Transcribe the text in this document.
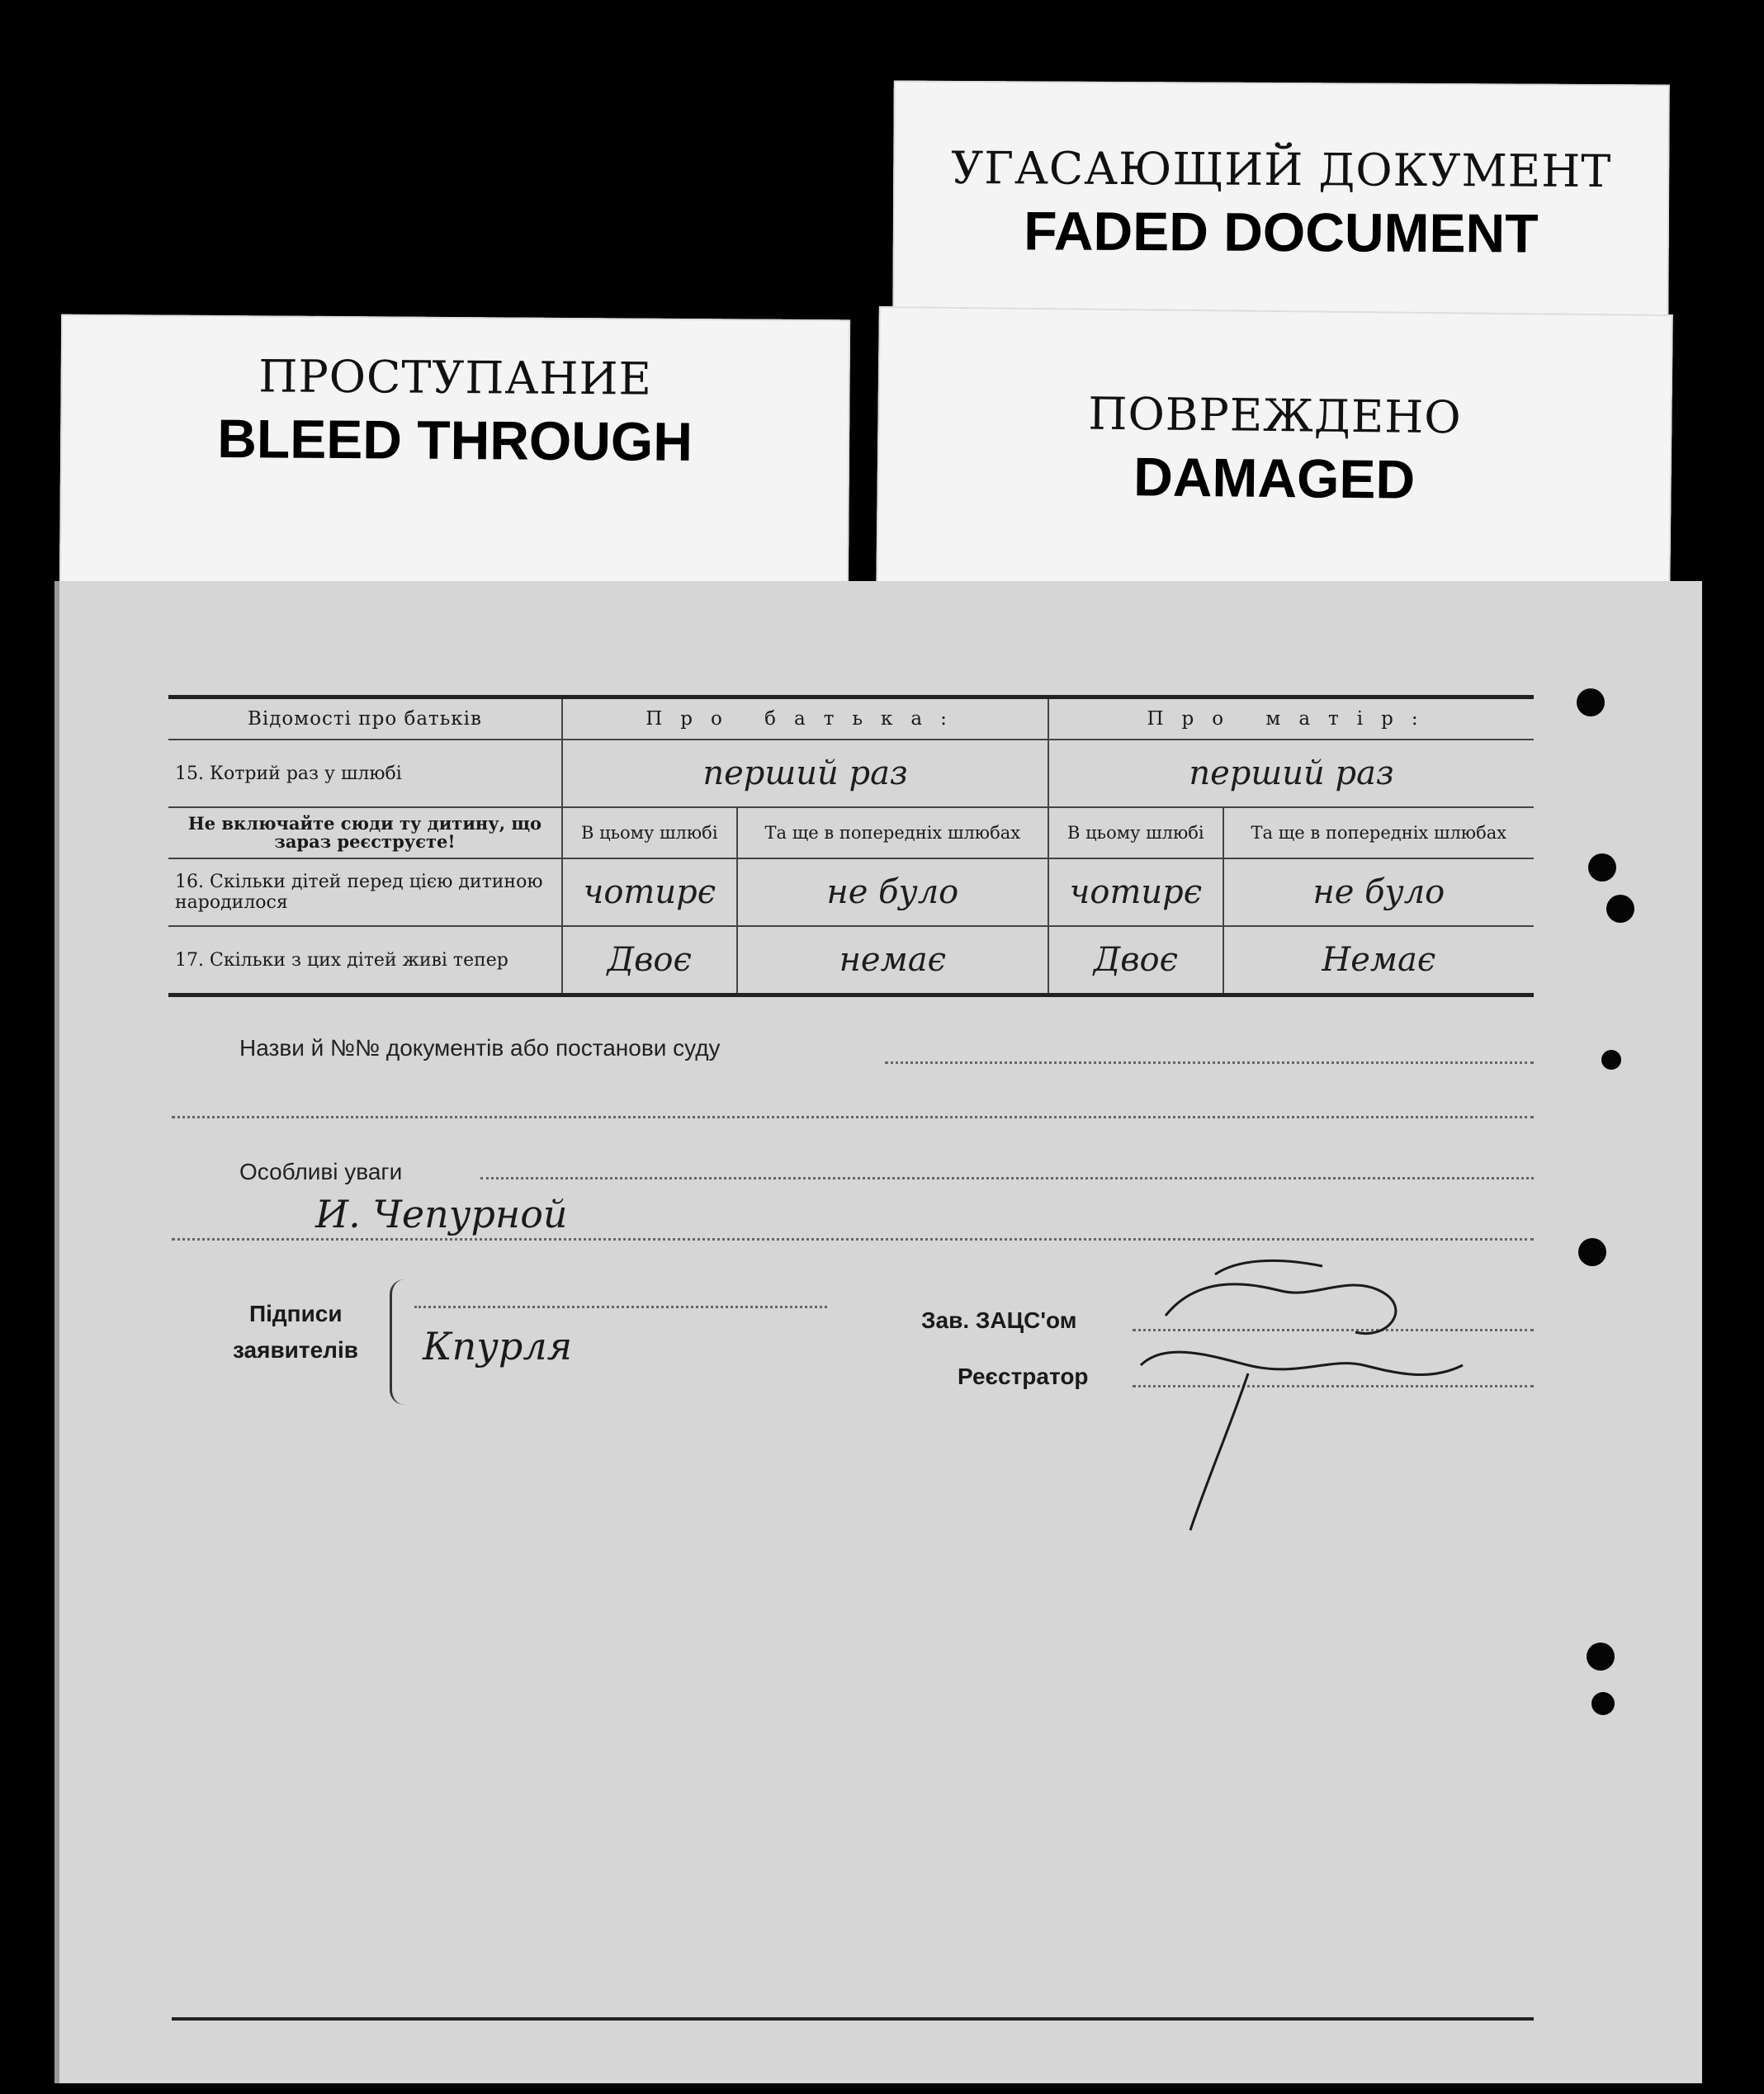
УГАСАЮЩИЙ ДОКУМЕНТ
FADED DOCUMENT
ПРОСТУПАНИЕ
BLEED THROUGH	ПОВРЕЖДЕНО
DAMAGED
Відомості про батьків	Про батька:		Про матір:	
15. Котрий раз у шлюбі	перший раз		перший раз	
Не включайте сюди ту дитину, що зараз реєструєте!	В цьому шлюбі	Та ще в попередніх шлюбах	В цьому шлюбі	Та ще в попередніх шлюбах
16. Скільки дітей перед цією дитиною народилося	чотирє	не було	чотирє	не було
17. Скільки з цих дітей живі тепер	Двоє	немає	Двоє	Немає
Назви й №№ документів або постанови суду
Особливі уваги
И. Чепурной
Підписи
заявителів Кпурля
Зав. ЗАЦС'ом
Реєстратор
